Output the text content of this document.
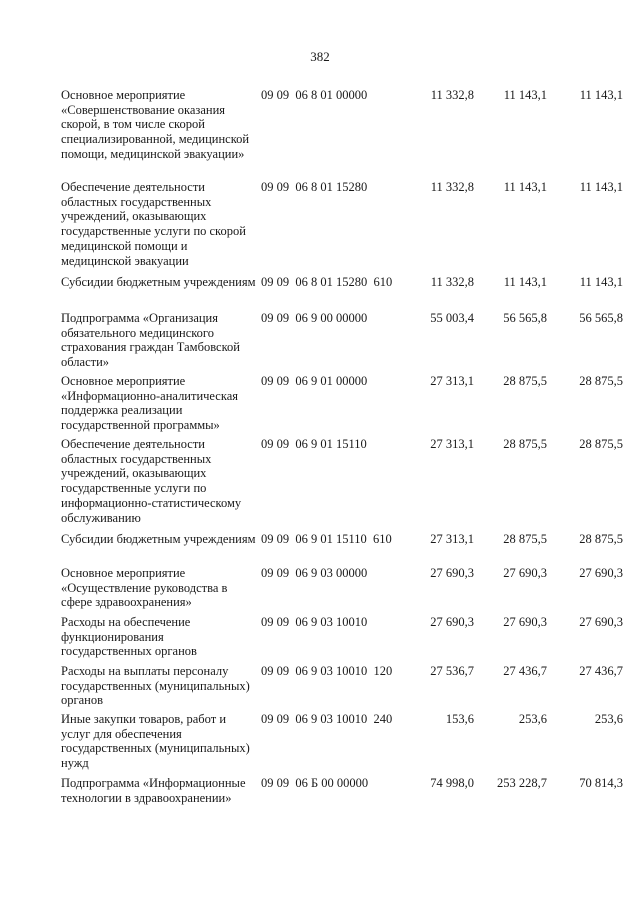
382
Основное мероприятие «Совершенствование оказания скорой, в том числе скорой специализированной, медицинской помощи, медицинской эвакуации»
09 09  06 8 01 00000	11 332,8	11 143,1	11 143,1
Обеспечение деятельности областных государственных учреждений, оказывающих государственные услуги по скорой медицинской помощи и медицинской эвакуации
09 09  06 8 01 15280	11 332,8	11 143,1	11 143,1
Субсидии бюджетным учреждениям 09 09  06 8 01 15280  610	11 332,8	11 143,1	11 143,1
Подпрограмма «Организация обязательного медицинского страхования граждан Тамбовской области»
09 09  06 9 00 00000	55 003,4	56 565,8	56 565,8
Основное мероприятие «Информационно-аналитическая поддержка реализации государственной программы»
09 09  06 9 01 00000	27 313,1	28 875,5	28 875,5
Обеспечение деятельности областных государственных учреждений, оказывающих государственные услуги по информационно-статистическому обслуживанию
09 09  06 9 01 15110	27 313,1	28 875,5	28 875,5
Субсидии бюджетным учреждениям 09 09  06 9 01 15110  610	27 313,1	28 875,5	28 875,5
Основное мероприятие «Осуществление руководства в сфере здравоохранения»
09 09  06 9 03 00000	27 690,3	27 690,3	27 690,3
Расходы на обеспечение функционирования государственных органов
09 09  06 9 03 10010	27 690,3	27 690,3	27 690,3
Расходы на выплаты персоналу государственных (муниципальных) органов
09 09  06 9 03 10010  120	27 536,7	27 436,7	27 436,7
Иные закупки товаров, работ и услуг для обеспечения государственных (муниципальных) нужд
09 09  06 9 03 10010  240	153,6	253,6	253,6
Подпрограмма «Информационные технологии в здравоохранении»
09 09  06 Б 00 00000	74 998,0	253 228,7	70 814,3
